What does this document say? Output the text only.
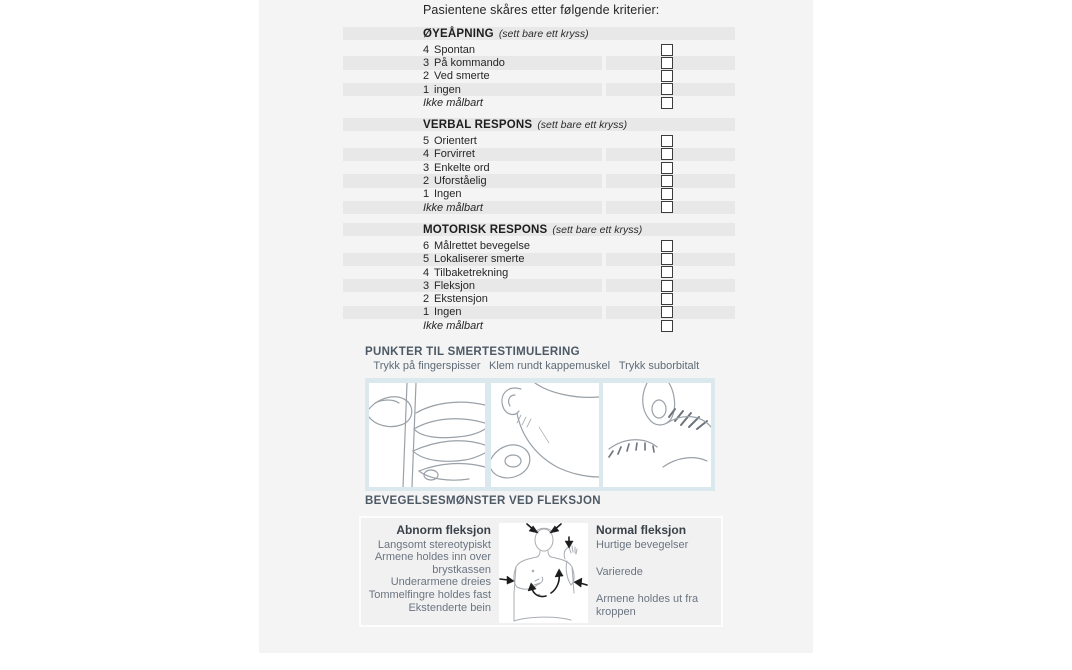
Pasientene skåres etter følgende kriterier:
ØYEÅPNING (sett bare ett kryss)
4 Spontan
3 På kommando
2 Ved smerte
1 ingen
Ikke målbart
VERBAL RESPONS (sett bare ett kryss)
5 Orientert
4 Forvirret
3 Enkelte ord
2 Uforståelig
1 Ingen
Ikke målbart
MOTORISK RESPONS (sett bare ett kryss)
6 Målrettet bevegelse
5 Lokaliserer smerte
4 Tilbaketrekning
3 Fleksjon
2 Ekstensjon
1 Ingen
Ikke målbart
PUNKTER TIL SMERTESTIMULERING
Trykk på fingerspisser Klem rundt kappemuskel Trykk suborbitalt
BEVEGELSESMØNSTER VED FLEKSJON
Abnorm fleksjon
Langsomt stereotypiskt
Armene holdes inn over
brystkassen
Underarmene dreies
Tommelfingre holdes fast
Ekstenderte bein
Normal fleksjon

Hurtige bevegelser

Varierede

Armene holdes ut fra kroppen
